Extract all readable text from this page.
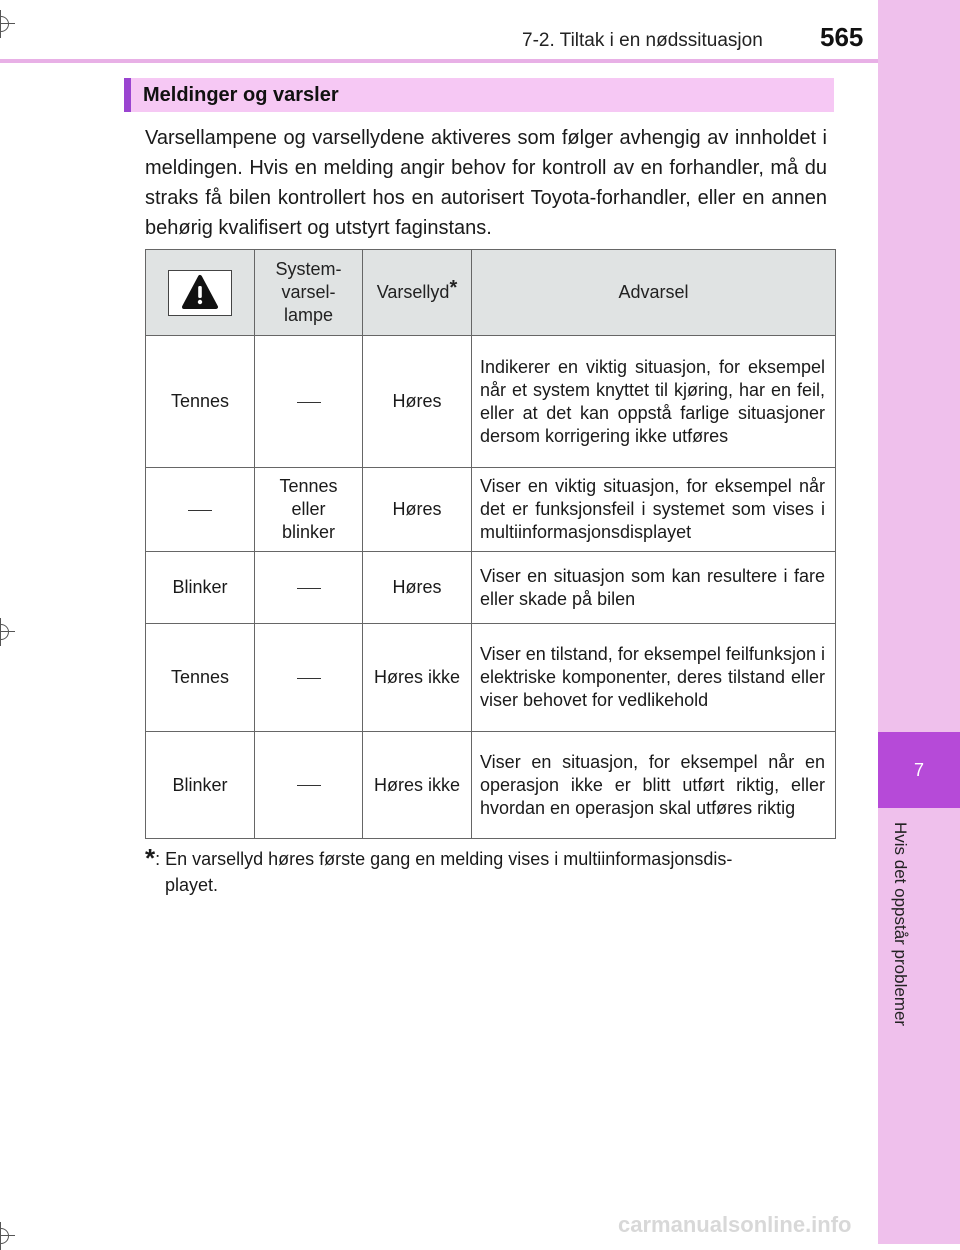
7
Hvis det oppstår problemer
7-2. Tiltak i en nødssituasjon 565
Meldinger og varsler
Varsellampene og varsellydene aktiveres som følger avhengig av innholdet i meldingen. Hvis en melding angir behov for kontroll av en forhandler, må du straks få bilen kontrollert hos en autorisert Toyota-forhandler, eller en annen behørig kvalifisert og utstyrt faginstans.
	System-
varsel-
lampe	Varsellyd*	Advarsel
Tennes		Høres	Indikerer en viktig situasjon, for eksempel når et system knyttet til kjøring, har en feil, eller at det kan oppstå farlige situasjoner dersom korrigering ikke utføres
	Tennes
eller
blinker	Høres	Viser en viktig situasjon, for eksempel når det er funksjonsfeil i systemet som vises i multiinformasjonsdisplayet
Blinker		Høres	Viser en situasjon som kan resultere i fare eller skade på bilen
Tennes		Høres ikke	Viser en tilstand, for eksempel feilfunksjon i elektriske komponenter, deres tilstand eller viser behovet for vedlikehold
Blinker		Høres ikke	Viser en situasjon, for eksempel når en operasjon ikke er blitt utført riktig, eller hvordan en operasjon skal utføres riktig
*: En varsellyd høres første gang en melding vises i multiinformasjonsdis-
playet.
carmanualsonline.info
